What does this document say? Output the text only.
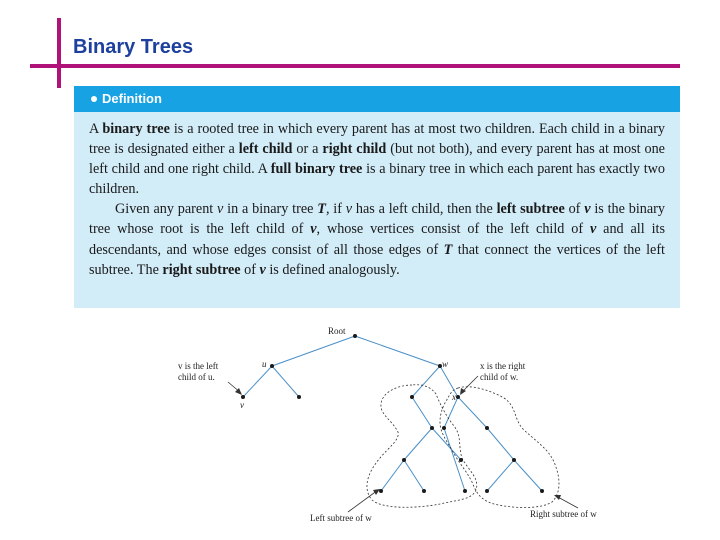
Binary Trees
Definition

A binary tree is a rooted tree in which every parent has at most two children. Each child in a binary tree is designated either a left child or a right child (but not both), and every parent has at most one left child and one right child. A full binary tree is a binary tree in which each parent has exactly two children.

Given any parent v in a binary tree T, if v has a left child, then the left subtree of v is the binary tree whose root is the left child of v, whose vertices consist of the left child of v and all its descendants, and whose edges consist of all those edges of T that connect the vertices of the left subtree. The right subtree of v is defined analogously.

Root
u	w
v
x
v is the left
child of u.
x is the right
child of w.
Left subtree of w	Right subtree of w
